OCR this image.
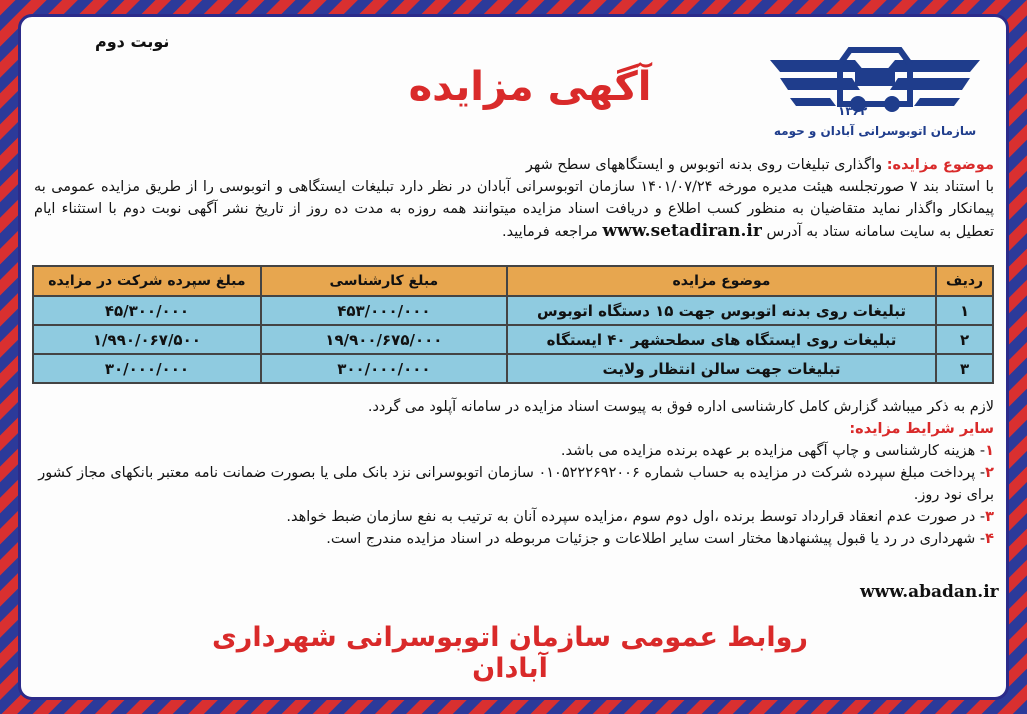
نوبت دوم
آگهی مزایده
۱۳۶۲
سازمان اتوبوسرانی آبادان و حومه
موضوع مزایده: واگذاری تبلیغات روی بدنه اتوبوس و ایستگاههای سطح شهر
با استناد بند ۷ صورتجلسه هیئت مدیره مورخه ۱۴۰۱/۰۷/۲۴ سازمان اتوبوسرانی آبادان در نظر دارد تبلیغات ایستگاهی و اتوبوسی را از طریق مزایده عمومی به پیمانکار واگذار نماید متقاضیان به منظور کسب اطلاع و دریافت اسناد مزایده میتوانند همه روزه به مدت ده روز از تاریخ نشر آگهی نوبت دوم با استثناء ایام تعطیل به سایت سامانه ستاد به آدرس www.setadiran.ir مراجعه فرمایید.
ردیف	موضوع مزایده	مبلغ کارشناسی	مبلغ سپرده شرکت در مزایده
۱	تبلیغات روی بدنه اتوبوس جهت ۱۵ دستگاه اتوبوس	۴۵۳/۰۰۰/۰۰۰	۴۵/۳۰۰/۰۰۰
۲	تبلیغات روی ایستگاه های سطحشهر ۴۰ ایستگاه	۱۹/۹۰۰/۶۷۵/۰۰۰	۱/۹۹۰/۰۶۷/۵۰۰
۳	تبلیغات جهت سالن انتظار ولایت	۳۰۰/۰۰۰/۰۰۰	۳۰/۰۰۰/۰۰۰

لازم به ذکر میباشد گزارش کامل کارشناسی اداره فوق به پیوست اسناد مزایده در سامانه آپلود می گردد.

سایر شرایط مزایده:

۱- هزینه کارشناسی و چاپ آگهی مزایده بر عهده برنده مزایده می باشد.

۲- پرداخت مبلغ سپرده شرکت در مزایده به حساب شماره ۰۱۰۵۲۲۲۶۹۲۰۰۶ سازمان اتوبوسرانی نزد بانک ملی یا بصورت ضمانت نامه معتبر بانکهای مجاز کشور برای نود روز.

۳- در صورت عدم انعقاد قرارداد توسط برنده ،اول دوم سوم ،مزایده سپرده آنان به ترتیب به نفع سازمان ضبط خواهد.

۴- شهرداری در رد یا قبول پیشنهادها مختار است سایر اطلاعات و جزئیات مربوطه در اسناد مزایده مندرج است.

www.abadan.ir
روابط عمومی سازمان اتوبوسرانی شهرداری آبادان
